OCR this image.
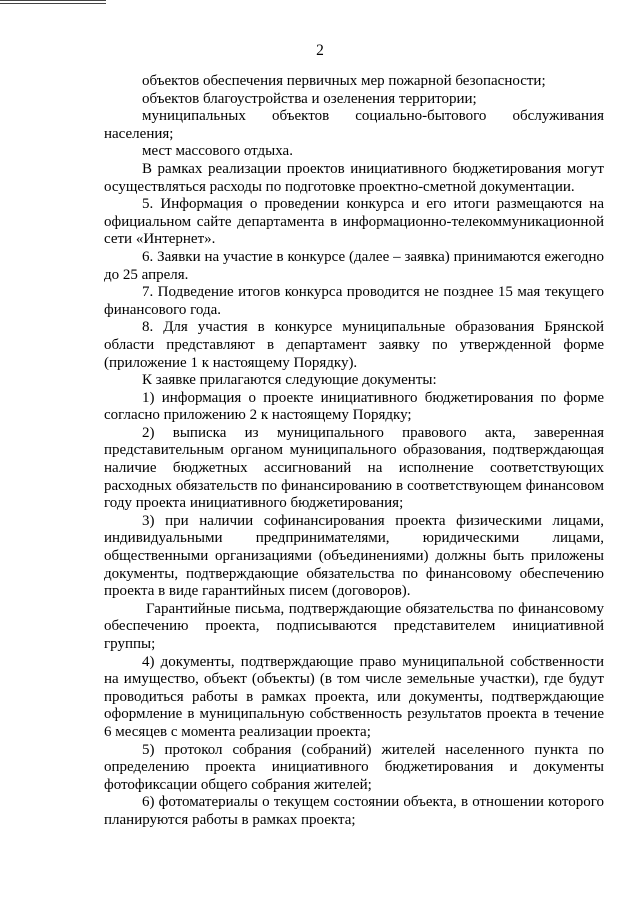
2

объектов обеспечения первичных мер пожарной безопасности;

объектов благоустройства и озеленения территории;

муниципальных объектов социально-бытового обслуживания населения;

мест массового отдыха.

В рамках реализации проектов инициативного бюджетирования могут осуществляться расходы по подготовке проектно-сметной документации.

5. Информация о проведении конкурса и его итоги размещаются на официальном сайте департамента в информационно-телекоммуникационной сети «Интернет».

6. Заявки на участие в конкурсе (далее – заявка) принимаются ежегодно до 25 апреля.

7. Подведение итогов конкурса проводится не позднее 15 мая текущего финансового года.

8. Для участия в конкурсе муниципальные образования Брянской области представляют в департамент заявку по утвержденной форме (приложение 1 к настоящему Порядку).

К заявке прилагаются следующие документы:

1) информация о проекте инициативного бюджетирования по форме согласно приложению 2 к настоящему Порядку;

2) выписка из муниципального правового акта, заверенная представительным органом муниципального образования, подтверждающая наличие бюджетных ассигнований на исполнение соответствующих расходных обязательств по финансированию в соответствующем финансовом году проекта инициативного бюджетирования;

3) при наличии софинансирования проекта физическими лицами, индивидуальными предпринимателями, юридическими лицами, общественными организациями (объединениями) должны быть приложены документы, подтверждающие обязательства по финансовому обеспечению проекта в виде гарантийных писем (договоров).

Гарантийные письма, подтверждающие обязательства по финансовому обеспечению проекта, подписываются представителем инициативной группы;

4) документы, подтверждающие право муниципальной собственности на имущество, объект (объекты) (в том числе земельные участки), где будут проводиться работы в рамках проекта, или документы, подтверждающие оформление в муниципальную собственность результатов проекта в течение 6 месяцев с момента реализации проекта;

5) протокол собрания (собраний) жителей населенного пункта по определению проекта инициативного бюджетирования и документы фотофиксации общего собрания жителей;

6) фотоматериалы о текущем состоянии объекта, в отношении которого планируются работы в рамках проекта;
